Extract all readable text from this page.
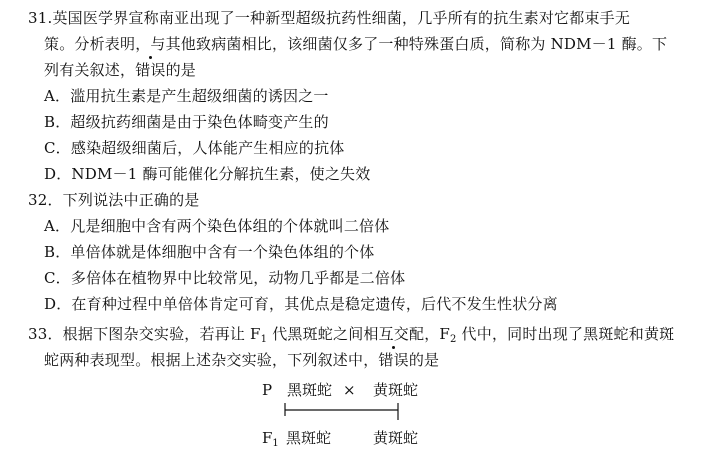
31.英国医学界宣称南亚出现了一种新型超级抗药性细菌，几乎所有的抗生素对它都束手无
策。分析表明，与其他致病菌相比，该细菌仅多了一种特殊蛋白质，简称为 NDM－1 酶。下
列有关叙述，错误的是
A．滥用抗生素是产生超级细菌的诱因之一
B．超级抗药细菌是由于染色体畸变产生的
C．感染超级细菌后，人体能产生相应的抗体
D．NDM－1 酶可能催化分解抗生素，使之失效
32．下列说法中正确的是
A．凡是细胞中含有两个染色体组的个体就叫二倍体
B．单倍体就是体细胞中含有一个染色体组的个体
C．多倍体在植物界中比较常见，动物几乎都是二倍体
D．在育种过程中单倍体肯定可育，其优点是稳定遗传，后代不发生性状分离
33．根据下图杂交实验，若再让 $F_1$ 代黑斑蛇之间相互交配，$F_2$ 代中，同时出现了黑斑蛇和黄斑
蛇两种表现型。根据上述杂交实验，下列叙述中，错误的是
P 黑斑蛇 × 黄斑蛇
$F_1$ 黑斑蛇	黄斑蛇
